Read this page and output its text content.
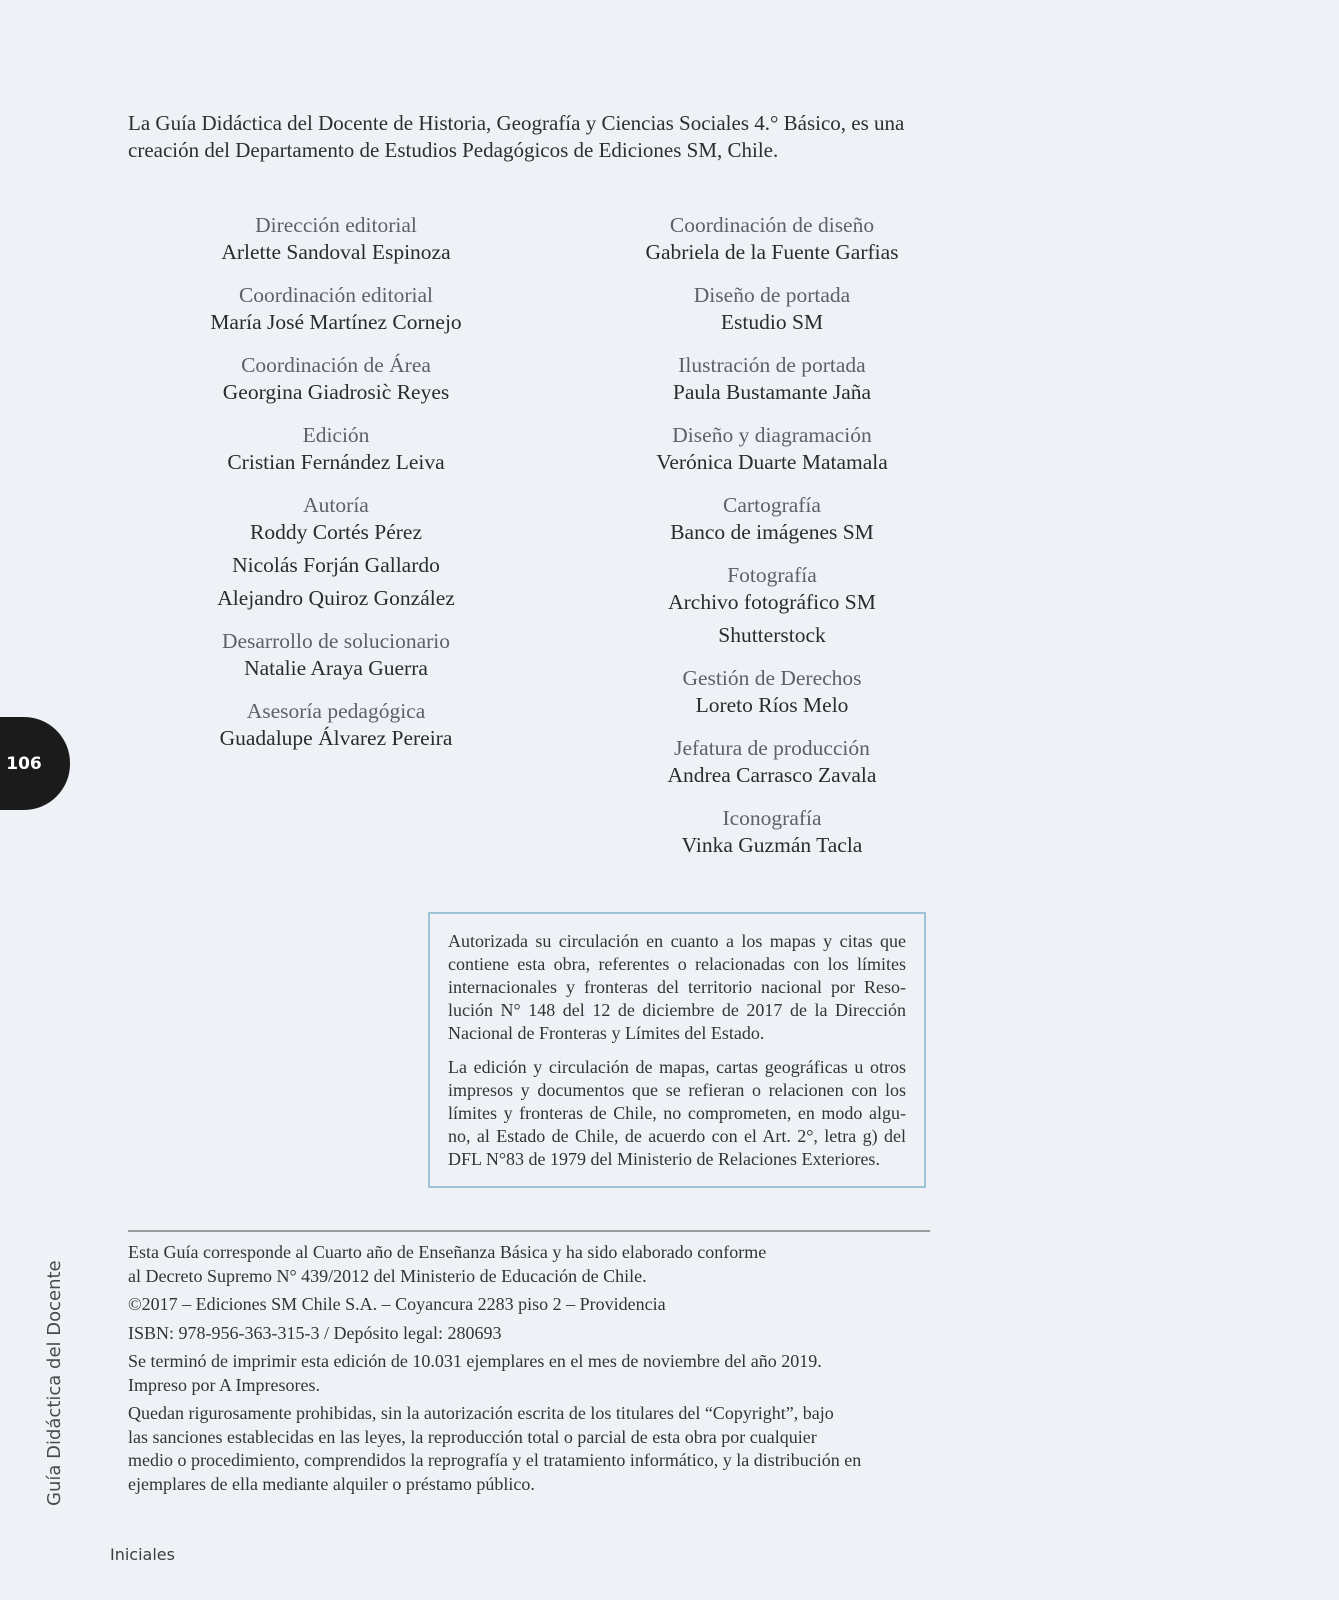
La Guía Didáctica del Docente de Historia, Geografía y Ciencias Sociales 4.° Básico, es una

creación del Departamento de Estudios Pedagógicos de Ediciones SM, Chile.

Dirección editorial
Arlette Sandoval Espinoza
Coordinación editorial
María José Martínez Cornejo
Coordinación de Área
Georgina Giadrosic̀ Reyes
Edición
Cristian Fernández Leiva
Autoría
Roddy Cortés Pérez
Nicolás Forján Gallardo
Alejandro Quiroz González
Desarrollo de solucionario
Natalie Araya Guerra
Asesoría pedagógica
Guadalupe Álvarez Pereira
Coordinación de diseño
Gabriela de la Fuente Garfias
Diseño de portada
Estudio SM
Ilustración de portada
Paula Bustamante Jaña
Diseño y diagramación
Verónica Duarte Matamala
Cartografía
Banco de imágenes SM
Fotografía
Archivo fotográfico SM
Shutterstock
Gestión de Derechos
Loreto Ríos Melo
Jefatura de producción
Andrea Carrasco Zavala
Iconografía
Vinka Guzmán Tacla

Autorizada su circulación en cuanto a los mapas y citas que contiene esta obra, referentes o relacionadas con los límites internacionales y fronteras del territorio nacional por Reso-lución N° 148 del 12 de diciembre de 2017 de la Dirección Nacional de Fronteras y Límites del Estado.

La edición y circulación de mapas, cartas geográficas u otros impresos y documentos que se refieran o relacionen con los límites y fronteras de Chile, no comprometen, en modo algu-no, al Estado de Chile, de acuerdo con el Art. 2°, letra g) del DFL N°83 de 1979 del Ministerio de Relaciones Exteriores.

Esta Guía corresponde al Cuarto año de Enseñanza Básica y ha sido elaborado conforme
al Decreto Supremo N° 439/2012 del Ministerio de Educación de Chile.

©2017 – Ediciones SM Chile S.A. – Coyancura 2283 piso 2 – Providencia

ISBN: 978-956-363-315-3 / Depósito legal: 280693

Se terminó de imprimir esta edición de 10.031 ejemplares en el mes de noviembre del año 2019.
Impreso por A Impresores.

Quedan rigurosamente prohibidas, sin la autorización escrita de los titulares del “Copyright”, bajo
las sanciones establecidas en las leyes, la reproducción total o parcial de esta obra por cualquier
medio o procedimiento, comprendidos la reprografía y el tratamiento informático, y la distribución en
ejemplares de ella mediante alquiler o préstamo público.

106
Guía Didáctica del Docente
Iniciales
